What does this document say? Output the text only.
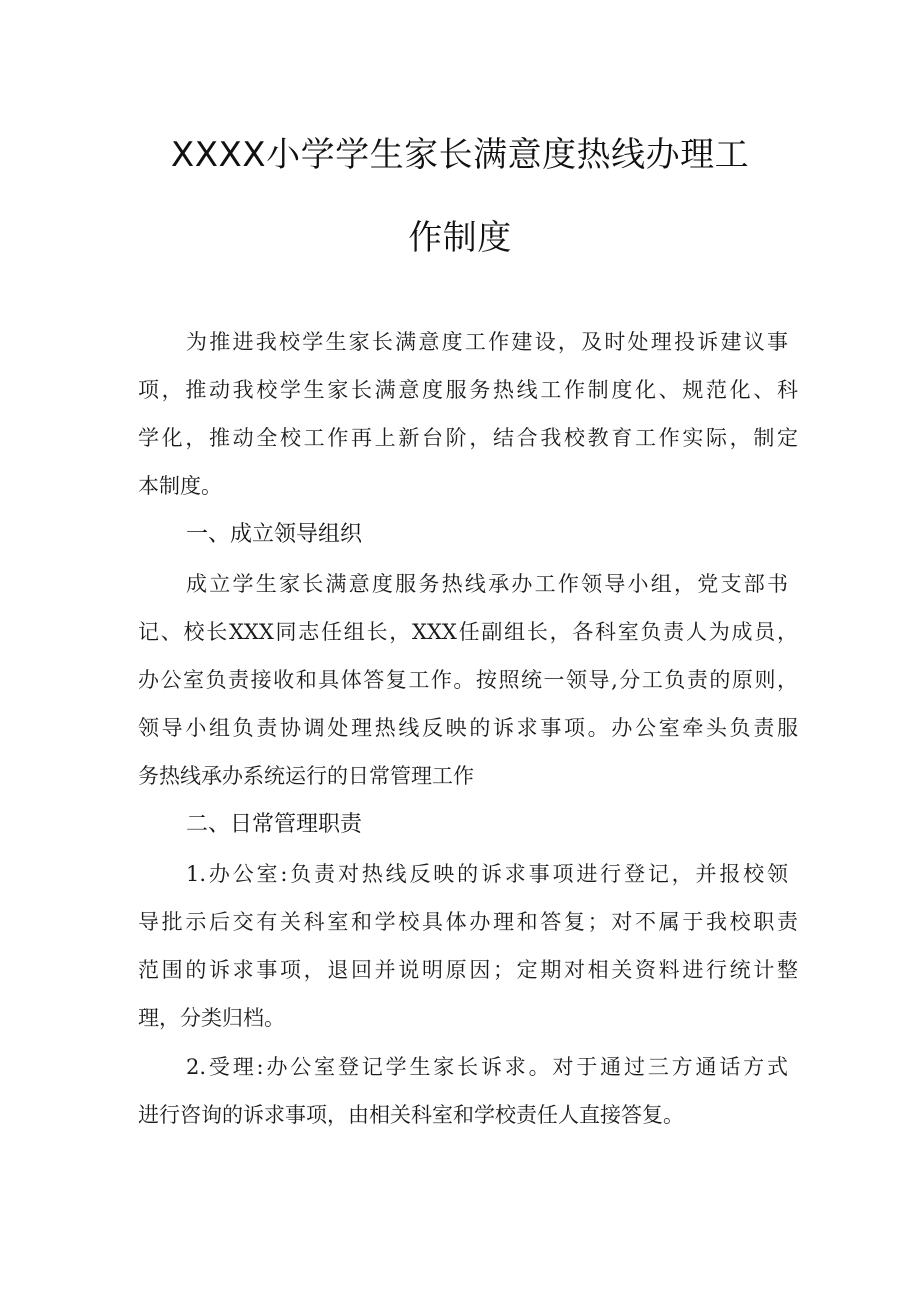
XXXX小学学生家长满意度热线办理工
作制度
为推进我校学生家长满意度工作建设，及时处理投诉建议事
项，推动我校学生家长满意度服务热线工作制度化、规范化、科
学化，推动全校工作再上新台阶，结合我校教育工作实际，制定
本制度。
一、成立领导组织
成立学生家长满意度服务热线承办工作领导小组，党支部书
记、校长XXX同志任组长，XXX任副组长，各科室负责人为成员，
办公室负责接收和具体答复工作。按照统一领导,分工负责的原则，
领导小组负责协调处理热线反映的诉求事项。办公室牵头负责服
务热线承办系统运行的日常管理工作
二、日常管理职责
1.办公室:负责对热线反映的诉求事项进行登记，并报校领
导批示后交有关科室和学校具体办理和答复；对不属于我校职责
范围的诉求事项，退回并说明原因；定期对相关资料进行统计整
理，分类归档。
2.受理:办公室登记学生家长诉求。对于通过三方通话方式
进行咨询的诉求事项，由相关科室和学校责任人直接答复。
